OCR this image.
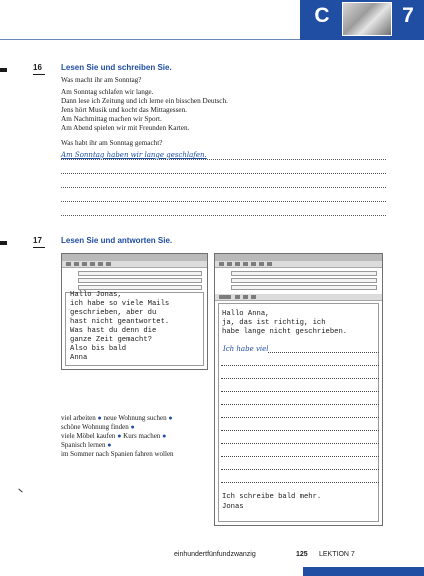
C	7
16 Lesen Sie und schreiben Sie.
Was macht ihr am Sonntag?
Am Sonntag schlafen wir lange.
Dann lese ich Zeitung und ich lerne ein bisschen Deutsch.
Jens hört Musik und kocht das Mittagessen.
Am Nachmittag machen wir Sport.
Am Abend spielen wir mit Freunden Karten.
Was habt ihr am Sonntag gemacht?
Am Sonntag haben wir lange geschlafen.
17 Lesen Sie und antworten Sie.
Hallo Jonas,
ich habe so viele Mails
geschrieben, aber du
hast nicht geantwortet.
Was hast du denn die
ganze Zeit gemacht?
Also bis bald
Anna
Hallo Anna,
ja, das ist richtig, ich
habe lange nicht geschrieben.
Ich habe viel
Ich schreibe bald mehr.
Jonas
viel arbeiten ● neue Wohnung suchen ●
schöne Wohnung finden ●
viele Möbel kaufen ● Kurs machen ●
Spanisch lernen ●
im Sommer nach Spanien fahren wollen
einhundertfünfundzwanzig	125 LEKTION 7
